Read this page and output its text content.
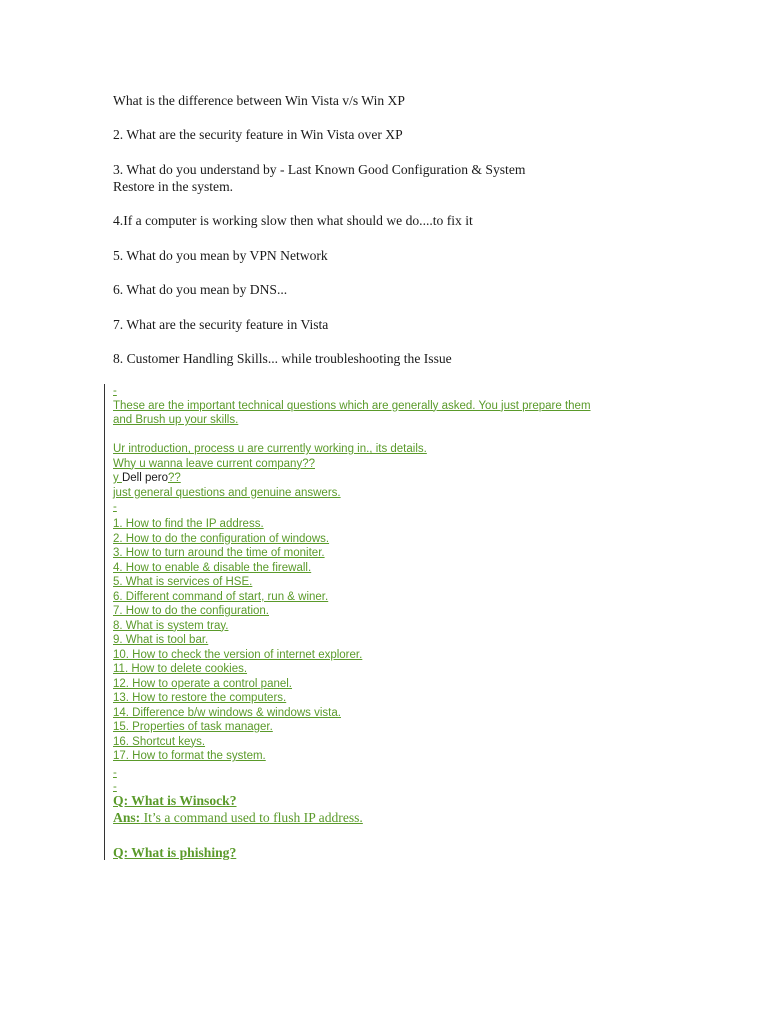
What is the difference between Win Vista v/s Win XP
2. What are the security feature in Win Vista over XP
3. What do you understand by - Last Known Good Configuration & System
Restore in the system.
4.If a computer is working slow then what should we do....to fix it
5. What do you mean by VPN Network
6. What do you mean by DNS...
7. What are the security feature in Vista
8. Customer Handling Skills... while troubleshooting the Issue
-
These are the important technical questions which are generally asked. You just prepare them
and Brush up your skills.
Ur introduction, process u are currently working in., its details.
Why u wanna leave current company??
y Dell pero??
just general questions and genuine answers.
-
1. How to find the IP address.
2. How to do the configuration of windows.
3. How to turn around the time of moniter.
4. How to enable & disable the firewall.
5. What is services of HSE.
6. Different command of start, run & winer.
7. How to do the configuration.
8. What is system tray.
9. What is tool bar.
10. How to check the version of internet explorer.
11. How to delete cookies.
12. How to operate a control panel.
13. How to restore the computers.
14. Difference b/w windows & windows vista.
15. Properties of task manager.
16. Shortcut keys.
17. How to format the system.
-
-
Q: What is Winsock?
Ans: It’s a command used to flush IP address.
Q: What is phishing?
